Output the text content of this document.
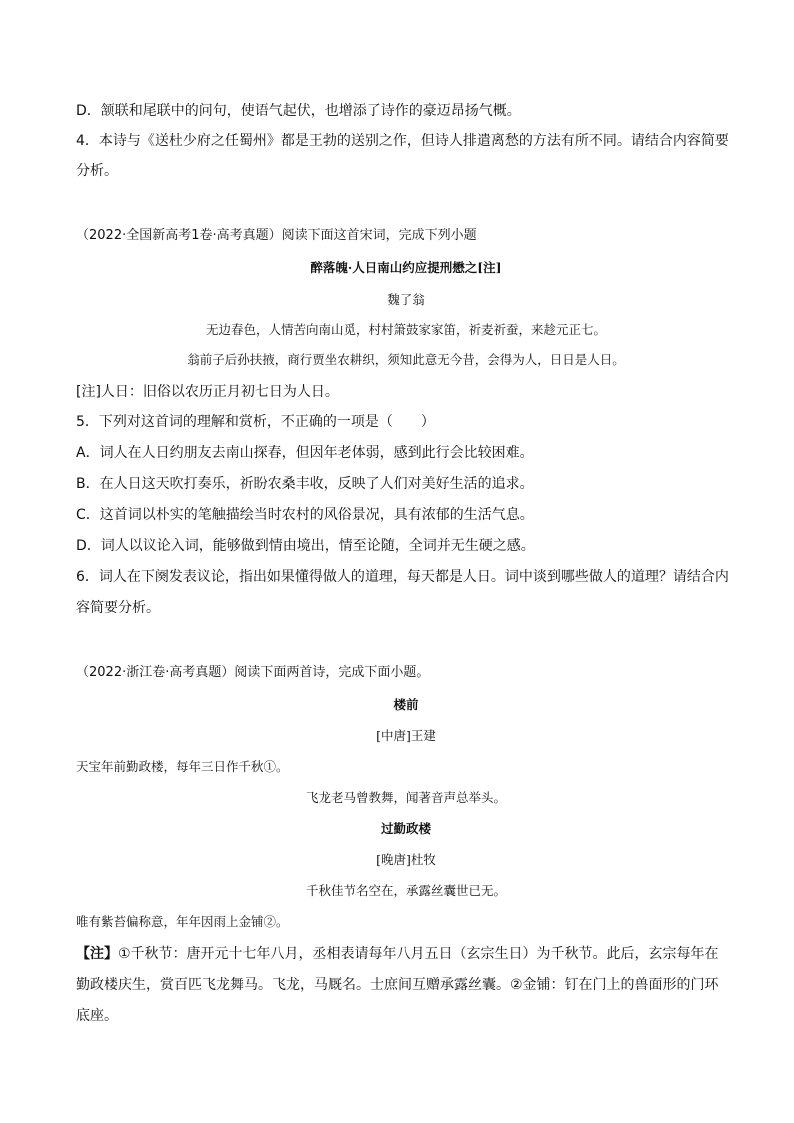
D．颔联和尾联中的问句，使语气起伏，也增添了诗作的豪迈昂扬气概。
4．本诗与《送杜少府之任蜀州》都是王勃的送别之作，但诗人排遣离愁的方法有所不同。请结合内容简要
分析。
（2022·全国新高考1卷·高考真题）阅读下面这首宋词，完成下列小题
醉落魄·人日南山约应提刑懋之[注]
魏了翁
无边春色，人情苦向南山觅，村村箫鼓家家笛，祈麦祈蚕，来趁元正七。
翁前子后孙扶掖，商行贾坐农耕织，须知此意无今昔，会得为人，日日是人日。
[注]人日：旧俗以农历正月初七日为人日。
5．下列对这首词的理解和赏析，不正确的一项是（　　）
A．词人在人日约朋友去南山探春，但因年老体弱，感到此行会比较困难。
B．在人日这天吹打奏乐，祈盼农桑丰收，反映了人们对美好生活的追求。
C．这首词以朴实的笔触描绘当时农村的风俗景况，具有浓郁的生活气息。
D．词人以议论入词，能够做到情由境出，情至论随，全词并无生硬之感。
6．词人在下阕发表议论，指出如果懂得做人的道理，每天都是人日。词中谈到哪些做人的道理？请结合内
容简要分析。
（2022·浙江卷·高考真题）阅读下面两首诗，完成下面小题。
楼前
[中唐]王建
天宝年前勤政楼，每年三日作千秋①。
飞龙老马曾教舞，闻著音声总举头。
过勤政楼
[晚唐]杜牧
千秋佳节名空在，承露丝囊世已无。
唯有紫苔偏称意，年年因雨上金铺②。
【注】①千秋节：唐开元十七年八月，丞相表请每年八月五日（玄宗生日）为千秋节。此后，玄宗每年在
勤政楼庆生，赏百匹飞龙舞马。飞龙，马厩名。士庶间互赠承露丝囊。②金铺：钉在门上的兽面形的门环
底座。
